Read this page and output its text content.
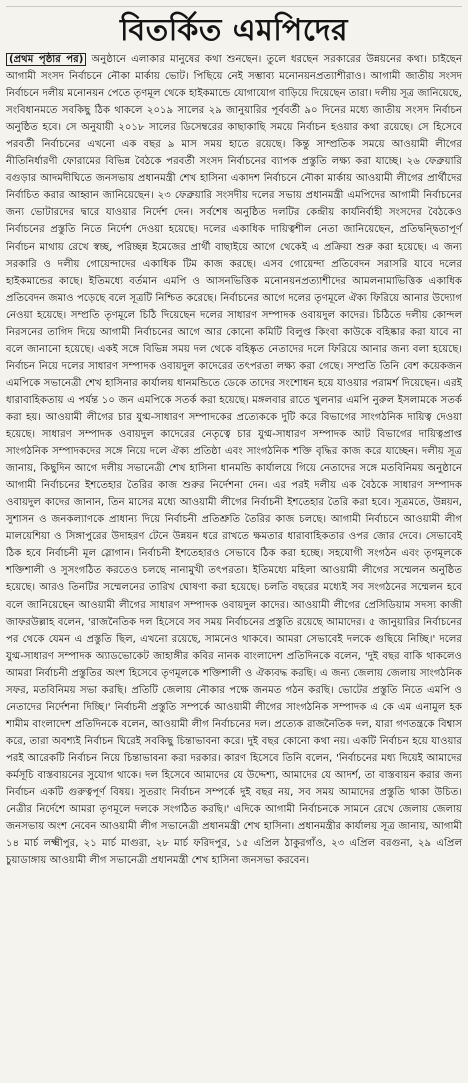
বিতর্কিত এমপিদের

(প্রথম পৃষ্ঠার পর) অনুষ্ঠানে এলাকার মানুষের কথা শুনছেন। তুলে ধরছেন সরকারের উন্নয়নের কথা। চাইছেন আগামী সংসদ নির্বাচনে নৌকা মার্কায় ভোট। পিছিয়ে নেই সম্ভাব্য মনোনয়নপ্রত্যাশীরাও। আগামী জাতীয় সংসদ নির্বাচনে দলীয় মনোনয়ন পেতে তৃণমূল থেকে হাইকমান্ডে যোগাযোগ বাড়িয়ে দিয়েছেন তারা। দলীয় সূত্র জানিয়েছে, সংবিধানমতে সবকিছু ঠিক থাকলে ২০১৯ সালের ২৯ জানুয়ারির পূর্ববর্তী ৯০ দিনের মধ্যে জাতীয় সংসদ নির্বাচন অনুষ্ঠিত হবে। সে অনুযায়ী ২০১৮ সালের ডিসেম্বরের কাছাকাছি সময়ে নির্বাচন হওয়ার কথা রয়েছে। সে হিসেবে পরবর্তী নির্বাচনের এখনো এক বছর ৯ মাস সময় হাতে রয়েছে। কিন্তু সাম্প্রতিক সময়ে আওয়ামী লীগের নীতিনির্ধারণী ফোরামের বিভিন্ন বৈঠকে পরবর্তী সংসদ নির্বাচনের ব্যাপক প্রস্তুতি লক্ষ্য করা যাচ্ছে। ২৬ ফেব্রুয়ারি বগুড়ার আদমদীঘিতে জনসভায় প্রধানমন্ত্রী শেখ হাসিনা একাদশ নির্বাচনে নৌকা মার্কায় আওয়ামী লীগের প্রার্থীদের নির্বাচিত করার আহ্বান জানিয়েছেন। ২৩ ফেব্রুয়ারি সংসদীয় দলের সভায় প্রধানমন্ত্রী এমপিদের আগামী নির্বাচনের জন্য ভোটারদের দ্বারে যাওয়ার নির্দেশ দেন। সর্বশেষ অনুষ্ঠিত দলটির কেন্দ্রীয় কার্যনির্বাহী সংসদের বৈঠকেও নির্বাচনের প্রস্তুতি নিতে নির্দেশ দেওয়া হয়েছে। দলের একাধিক দায়িত্বশীল নেতা জানিয়েছেন, প্রতিদ্বন্দ্বিতাপূর্ণ নির্বাচন মাথায় রেখে স্বচ্ছ, পরিচ্ছন্ন ইমেজের প্রার্থী বাছাইয়ে আগে থেকেই এ প্রক্রিয়া শুরু করা হয়েছে। এ জন্য সরকারি ও দলীয় গোয়েন্দাদের একাধিক টিম কাজ করছে। এসব গোয়েন্দা প্রতিবেদন সরাসরি যাবে দলের হাইকমান্ডের কাছে। ইতিমধ্যে বর্তমান এমপি ও আসনভিত্তিক মনোনয়নপ্রত্যাশীদের আমলনামাভিত্তিক একাধিক প্রতিবেদন জমাও পড়েছে বলে সূত্রটি নিশ্চিত করেছে। নির্বাচনের আগে দলের তৃণমূলে ঐক্য ফিরিয়ে আনার উদ্যোগ নেওয়া হয়েছে। সম্প্রতি তৃণমূলে চিঠি দিয়েছেন দলের সাধারণ সম্পাদক ওবায়দুল কাদের। চিঠিতে দলীয় কোন্দল নিরসনের তাগিদ দিয়ে আগামী নির্বাচনের আগে আর কোনো কমিটি বিলুপ্ত কিংবা কাউকে বহিষ্কার করা যাবে না বলে জানানো হয়েছে। একই সঙ্গে বিভিন্ন সময় দল থেকে বহিষ্কৃত নেতাদের দলে ফিরিয়ে আনার জন্য বলা হয়েছে। নির্বাচন নিয়ে দলের সাধারণ সম্পাদক ওবায়দুল কাদেরের তৎপরতা লক্ষ্য করা গেছে। সম্প্রতি তিনি বেশ কয়েকজন এমপিকে সভানেত্রী শেখ হাসিনার কার্যালয় ধানমন্ডিতে ডেকে তাদের সংশোধন হয়ে যাওয়ার পরামর্শ দিয়েছেন। এরই ধারাবাহিকতায় এ পর্যন্ত ১০ জন এমপিকে সতর্ক করা হয়েছে। মঙ্গলবার রাতে খুলনার এমপি নুরুল ইসলামকে সতর্ক করা হয়। আওয়ামী লীগের চার যুগ্ম-সাধারণ সম্পাদকের প্রত্যেককে দুটি করে বিভাগের সাংগঠনিক দায়িত্ব দেওয়া হয়েছে। সাধারণ সম্পাদক ওবায়দুল কাদেরের নেতৃত্বে চার যুগ্ম-সাধারণ সম্পাদক আট বিভাগের দায়িত্বপ্রাপ্ত সাংগঠনিক সম্পাদকদের সঙ্গে নিয়ে দলে ঐক্য প্রতিষ্ঠা এবং সাংগঠনিক শক্তি বৃদ্ধির কাজ করে যাচ্ছেন। দলীয় সূত্র জানায়, কিছুদিন আগে দলীয় সভানেত্রী শেখ হাসিনা ধানমন্ডি কার্যালয়ে গিয়ে নেতাদের সঙ্গে মতবিনিময় অনুষ্ঠানে আগামী নির্বাচনের ইশতেহার তৈরির কাজ শুরুর নির্দেশনা দেন। এর পরই দলীয় এক বৈঠকে সাধারণ সম্পাদক ওবায়দুল কাদের জানান, তিন মাসের মধ্যে আওয়ামী লীগের নির্বাচনী ইশতেহার তৈরি করা হবে। সূত্রমতে, উন্নয়ন, সুশাসন ও জনকল্যাণকে প্রাধান্য দিয়ে নির্বাচনী প্রতিশ্রুতি তৈরির কাজ চলছে। আগামী নির্বাচনে আওয়ামী লীগ মালয়েশিয়া ও সিঙ্গাপুরের উদাহরণ টেনে উন্নয়ন ধরে রাখতে ক্ষমতার ধারাবাহিকতার ওপর জোর দেবে। সেভাবেই ঠিক হবে নির্বাচনী মূল স্লোগান। নির্বাচনী ইশতেহারও সেভাবে ঠিক করা হচ্ছে। সহযোগী সংগঠন এবং তৃণমূলকে শক্তিশালী ও সুসংগঠিত করতেও চলছে নানামুখী তৎপরতা। ইতিমধ্যে মহিলা আওয়ামী লীগের সম্মেলন অনুষ্ঠিত হয়েছে। আরও তিনটির সম্মেলনের তারিখ ঘোষণা করা হয়েছে। চলতি বছরের মধ্যেই সব সংগঠনের সম্মেলন হবে বলে জানিয়েছেন আওয়ামী লীগের সাধারণ সম্পাদক ওবায়দুল কাদের। আওয়ামী লীগের প্রেসিডিয়াম সদস্য কাজী জাফরউল্লাহ বলেন, 'রাজনৈতিক দল হিসেবে সব সময় নির্বাচনের প্রস্তুতি রয়েছে আমাদের। ৫ জানুয়ারির নির্বাচনের পর থেকে যেমন এ প্রস্তুতি ছিল, এখনো রয়েছে, সামনেও থাকবে। আমরা সেভাবেই দলকে গুছিয়ে নিচ্ছি।' দলের যুগ্ম-সাধারণ সম্পাদক অ্যাডভোকেট জাহাঙ্গীর কবির নানক বাংলাদেশ প্রতিদিনকে বলেন, 'দুই বছর বাকি থাকলেও আমরা নির্বাচনী প্রস্তুতির অংশ হিসেবে তৃণমূলকে শক্তিশালী ও ঐক্যবদ্ধ করছি। এ জন্য জেলায় জেলায় সাংগঠনিক সফর, মতবিনিময় সভা করছি। প্রতিটি জেলায় নৌকার পক্ষে জনমত গঠন করছি। ভোটের প্রস্তুতি নিতে এমপি ও নেতাদের নির্দেশনা দিচ্ছি।' নির্বাচনী প্রস্তুতি সম্পর্কে আওয়ামী লীগের সাংগঠনিক সম্পাদক এ কে এম এনামুল হক শামীম বাংলাদেশ প্রতিদিনকে বলেন, আওয়ামী লীগ নির্বাচনের দল। প্রত্যেক রাজনৈতিক দল, যারা গণতন্ত্রকে বিশ্বাস করে, তারা অবশ্যই নির্বাচন ঘিরেই সবকিছু চিন্তাভাবনা করে। দুই বছর কোনো কথা নয়। একটি নির্বাচন হয়ে যাওয়ার পরই আরেকটি নির্বাচন নিয়ে চিন্তাভাবনা করা দরকার। কারণ হিসেবে তিনি বলেন, 'নির্বাচনের মধ্য দিয়েই আমাদের কর্মসূচি বাস্তবায়নের সুযোগ থাকে। দল হিসেবে আমাদের যে উদ্দেশ্য, আমাদের যে আদর্শ, তা বাস্তবায়ন করার জন্য নির্বাচন একটি গুরুত্বপূর্ণ বিষয়। সুতরাং নির্বাচন সম্পর্কে দুই বছর নয়, সব সময় আমাদের প্রস্তুতি থাকা উচিত। নেত্রীর নির্দেশে আমরা তৃণমূলে দলকে সংগঠিত করছি।' এদিকে আগামী নির্বাচনকে সামনে রেখে জেলায় জেলায় জনসভায় অংশ নেবেন আওয়ামী লীগ সভানেত্রী প্রধানমন্ত্রী শেখ হাসিনা। প্রধানমন্ত্রীর কার্যালয় সূত্র জানায়, আগামী ১৪ মার্চ লক্ষ্মীপুর, ২১ মার্চ মাগুরা, ২৮ মার্চ ফরিদপুর, ১৫ এপ্রিল ঠাকুরগাঁও, ২৩ এপ্রিল বরগুনা, ২৯ এপ্রিল চুয়াডাঙ্গায় আওয়ামী লীগ সভানেত্রী প্রধানমন্ত্রী শেখ হাসিনা জনসভা করবেন।
